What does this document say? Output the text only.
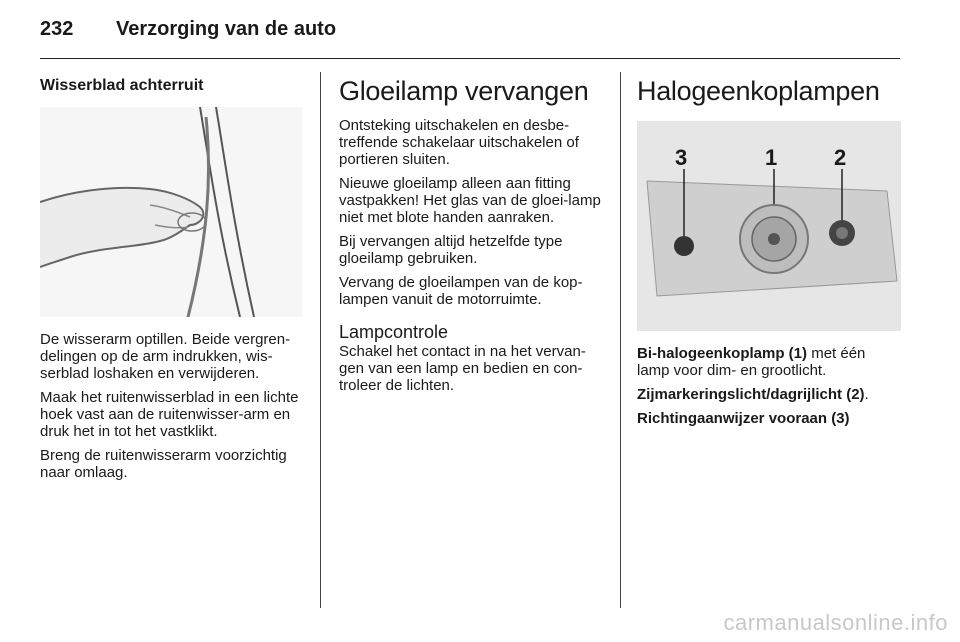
232	Verzorging van de auto
Wisserblad achterruit

De wisserarm optillen. Beide vergren-delingen op de arm indrukken, wis-serblad loshaken en verwijderen.

Maak het ruitenwisserblad in een lichte hoek vast aan de ruitenwisser-arm en druk het in tot het vastklikt.

Breng de ruitenwisserarm voorzichtig naar omlaag.

Gloeilamp vervangen

Ontsteking uitschakelen en desbe-treffende schakelaar uitschakelen of portieren sluiten.

Nieuwe gloeilamp alleen aan fitting vastpakken! Het glas van de gloei-lamp niet met blote handen aanraken.

Bij vervangen altijd hetzelfde type gloeilamp gebruiken.

Vervang de gloeilampen van de kop-lampen vanuit de motorruimte.

Lampcontrole

Schakel het contact in na het vervan-gen van een lamp en bedien en con-troleer de lichten.

Halogeenkoplampen
3	1	2

Bi-halogeenkoplamp (1) met één lamp voor dim- en grootlicht.

Zijmarkeringslicht/dagrijlicht (2).

Richtingaanwijzer vooraan (3)

carmanualsonline.info
